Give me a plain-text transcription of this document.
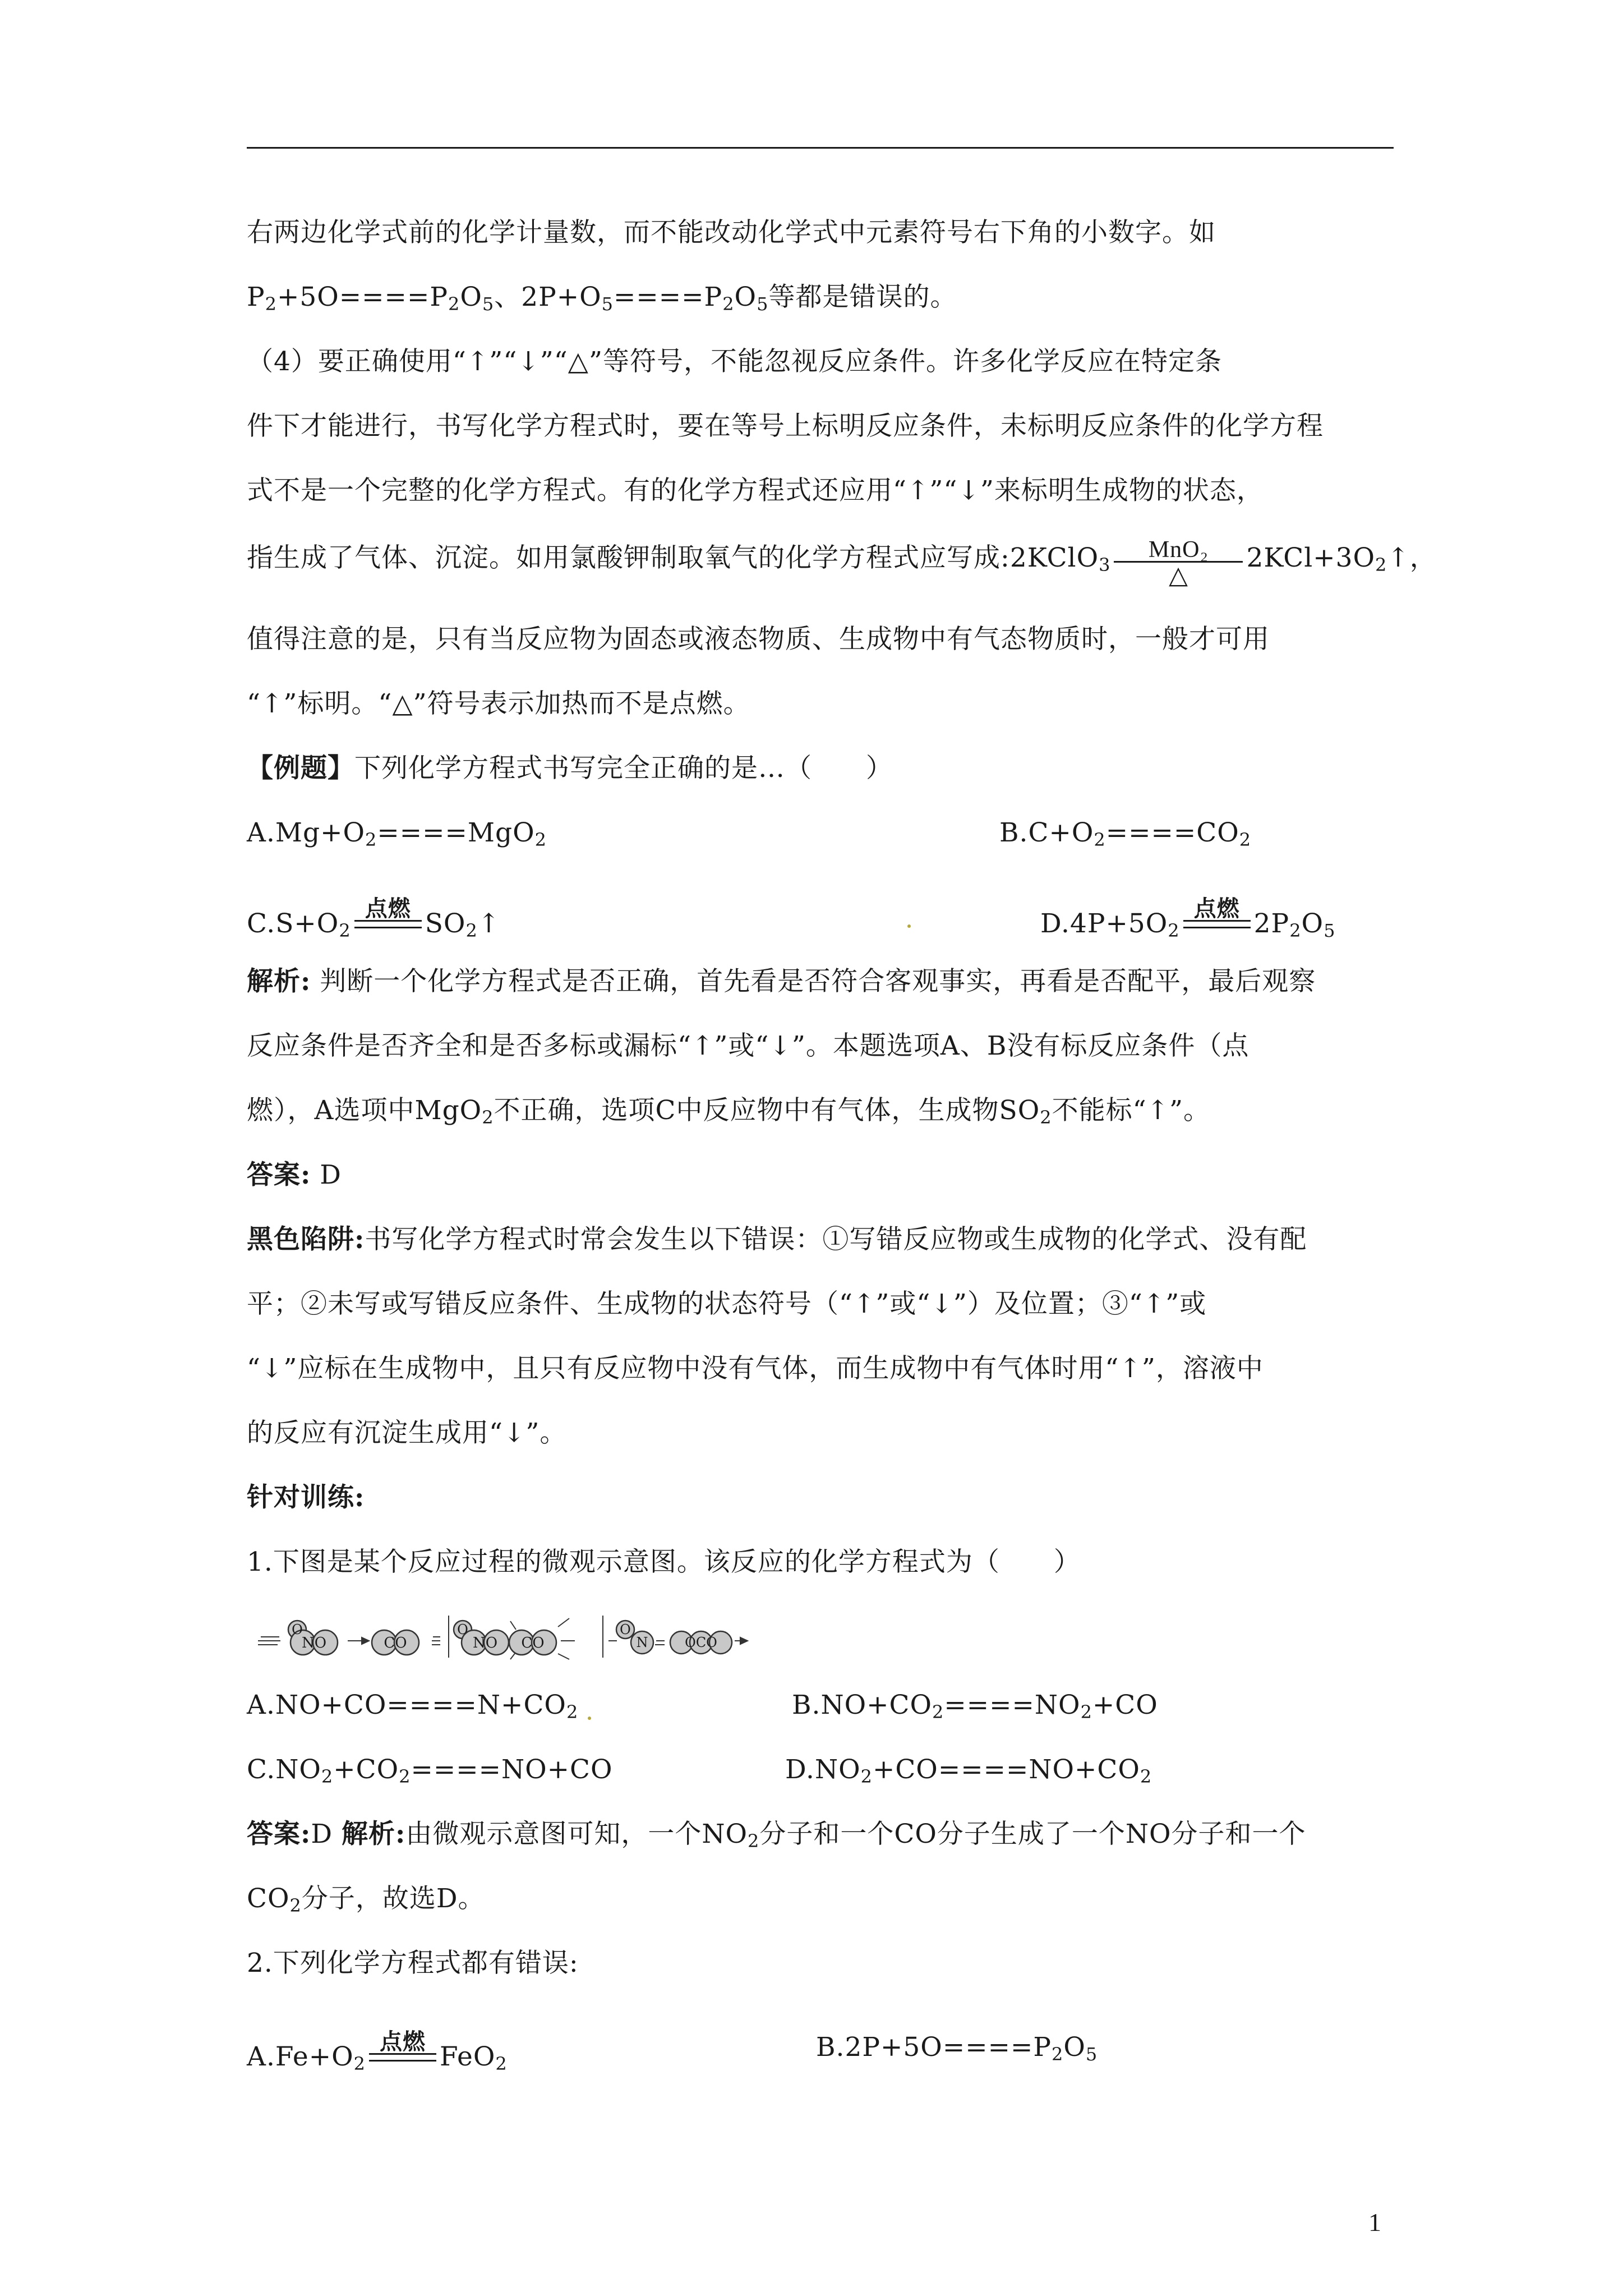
右两边化学式前的化学计量数，而不能改动化学式中元素符号右下角的小数字。如
$P_2+5O====P_2O_5$、$2P+O_5====P_2O_5$等都是错误的。
（4）要正确使用“↑”“↓”“△”等符号，不能忽视反应条件。许多化学反应在特定条
件下才能进行，书写化学方程式时，要在等号上标明反应条件，未标明反应条件的化学方程
式不是一个完整的化学方程式。有的化学方程式还应用“↑”“↓”来标明生成物的状态，
指生成了气体、沉淀。如用氯酸钾制取氧气的化学方程式应写成:2KClO$_3$
MnO₂
△
$2KCl+3O_2↑$，
值得注意的是，只有当反应物为固态或液态物质、生成物中有气态物质时，一般才可用
“↑”标明。“△”符号表示加热而不是点燃。
【例题】下列化学方程式书写完全正确的是…（　　）
$A.Mg+O_2====MgO_2$	$B.C+O_2====CO_2$
$C.S+O_2$
点燃
$SO_2↑$	$D.4P+5O_2$
点燃
$2P_2O_5$
解析: 判断一个化学方程式是否正确，首先看是否符合客观事实，再看是否配平，最后观察
反应条件是否齐全和是否多标或漏标“↑”或“↓”。本题选项A、B没有标反应条件（点
燃），A选项中MgO$_2$不正确，选项C中反应物中有气体，生成物$SO_2$不能标“↑”。
答案: D
黑色陷阱:书写化学方程式时常会发生以下错误：①写错反应物或生成物的化学式、没有配
平；②未写或写错反应条件、生成物的状态符号（“↑”或“↓”）及位置；③“↑”或
“↓”应标在生成物中，且只有反应物中没有气体，而生成物中有气体时用“↑”，溶液中
的反应有沉淀生成用“↓”。
针对训练:
1.下图是某个反应过程的微观示意图。该反应的化学方程式为（　　）
O
NO	CO
O
NO CO
O
N	OCO
$A.NO+CO====N+CO_2$	$B.NO+CO_2====NO_2+CO$
$C.NO_2+CO_2====NO+CO$	$D.NO_2+CO====NO+CO_2$
答案:D 解析:由微观示意图可知，一个$NO_2$分子和一个CO分子生成了一个NO分子和一个
$CO_2$分子，故选D。
2.下列化学方程式都有错误:
$A.Fe+O_2$
点燃
FeO$_2$
$B.2P+5O====P_2O_5$
1
